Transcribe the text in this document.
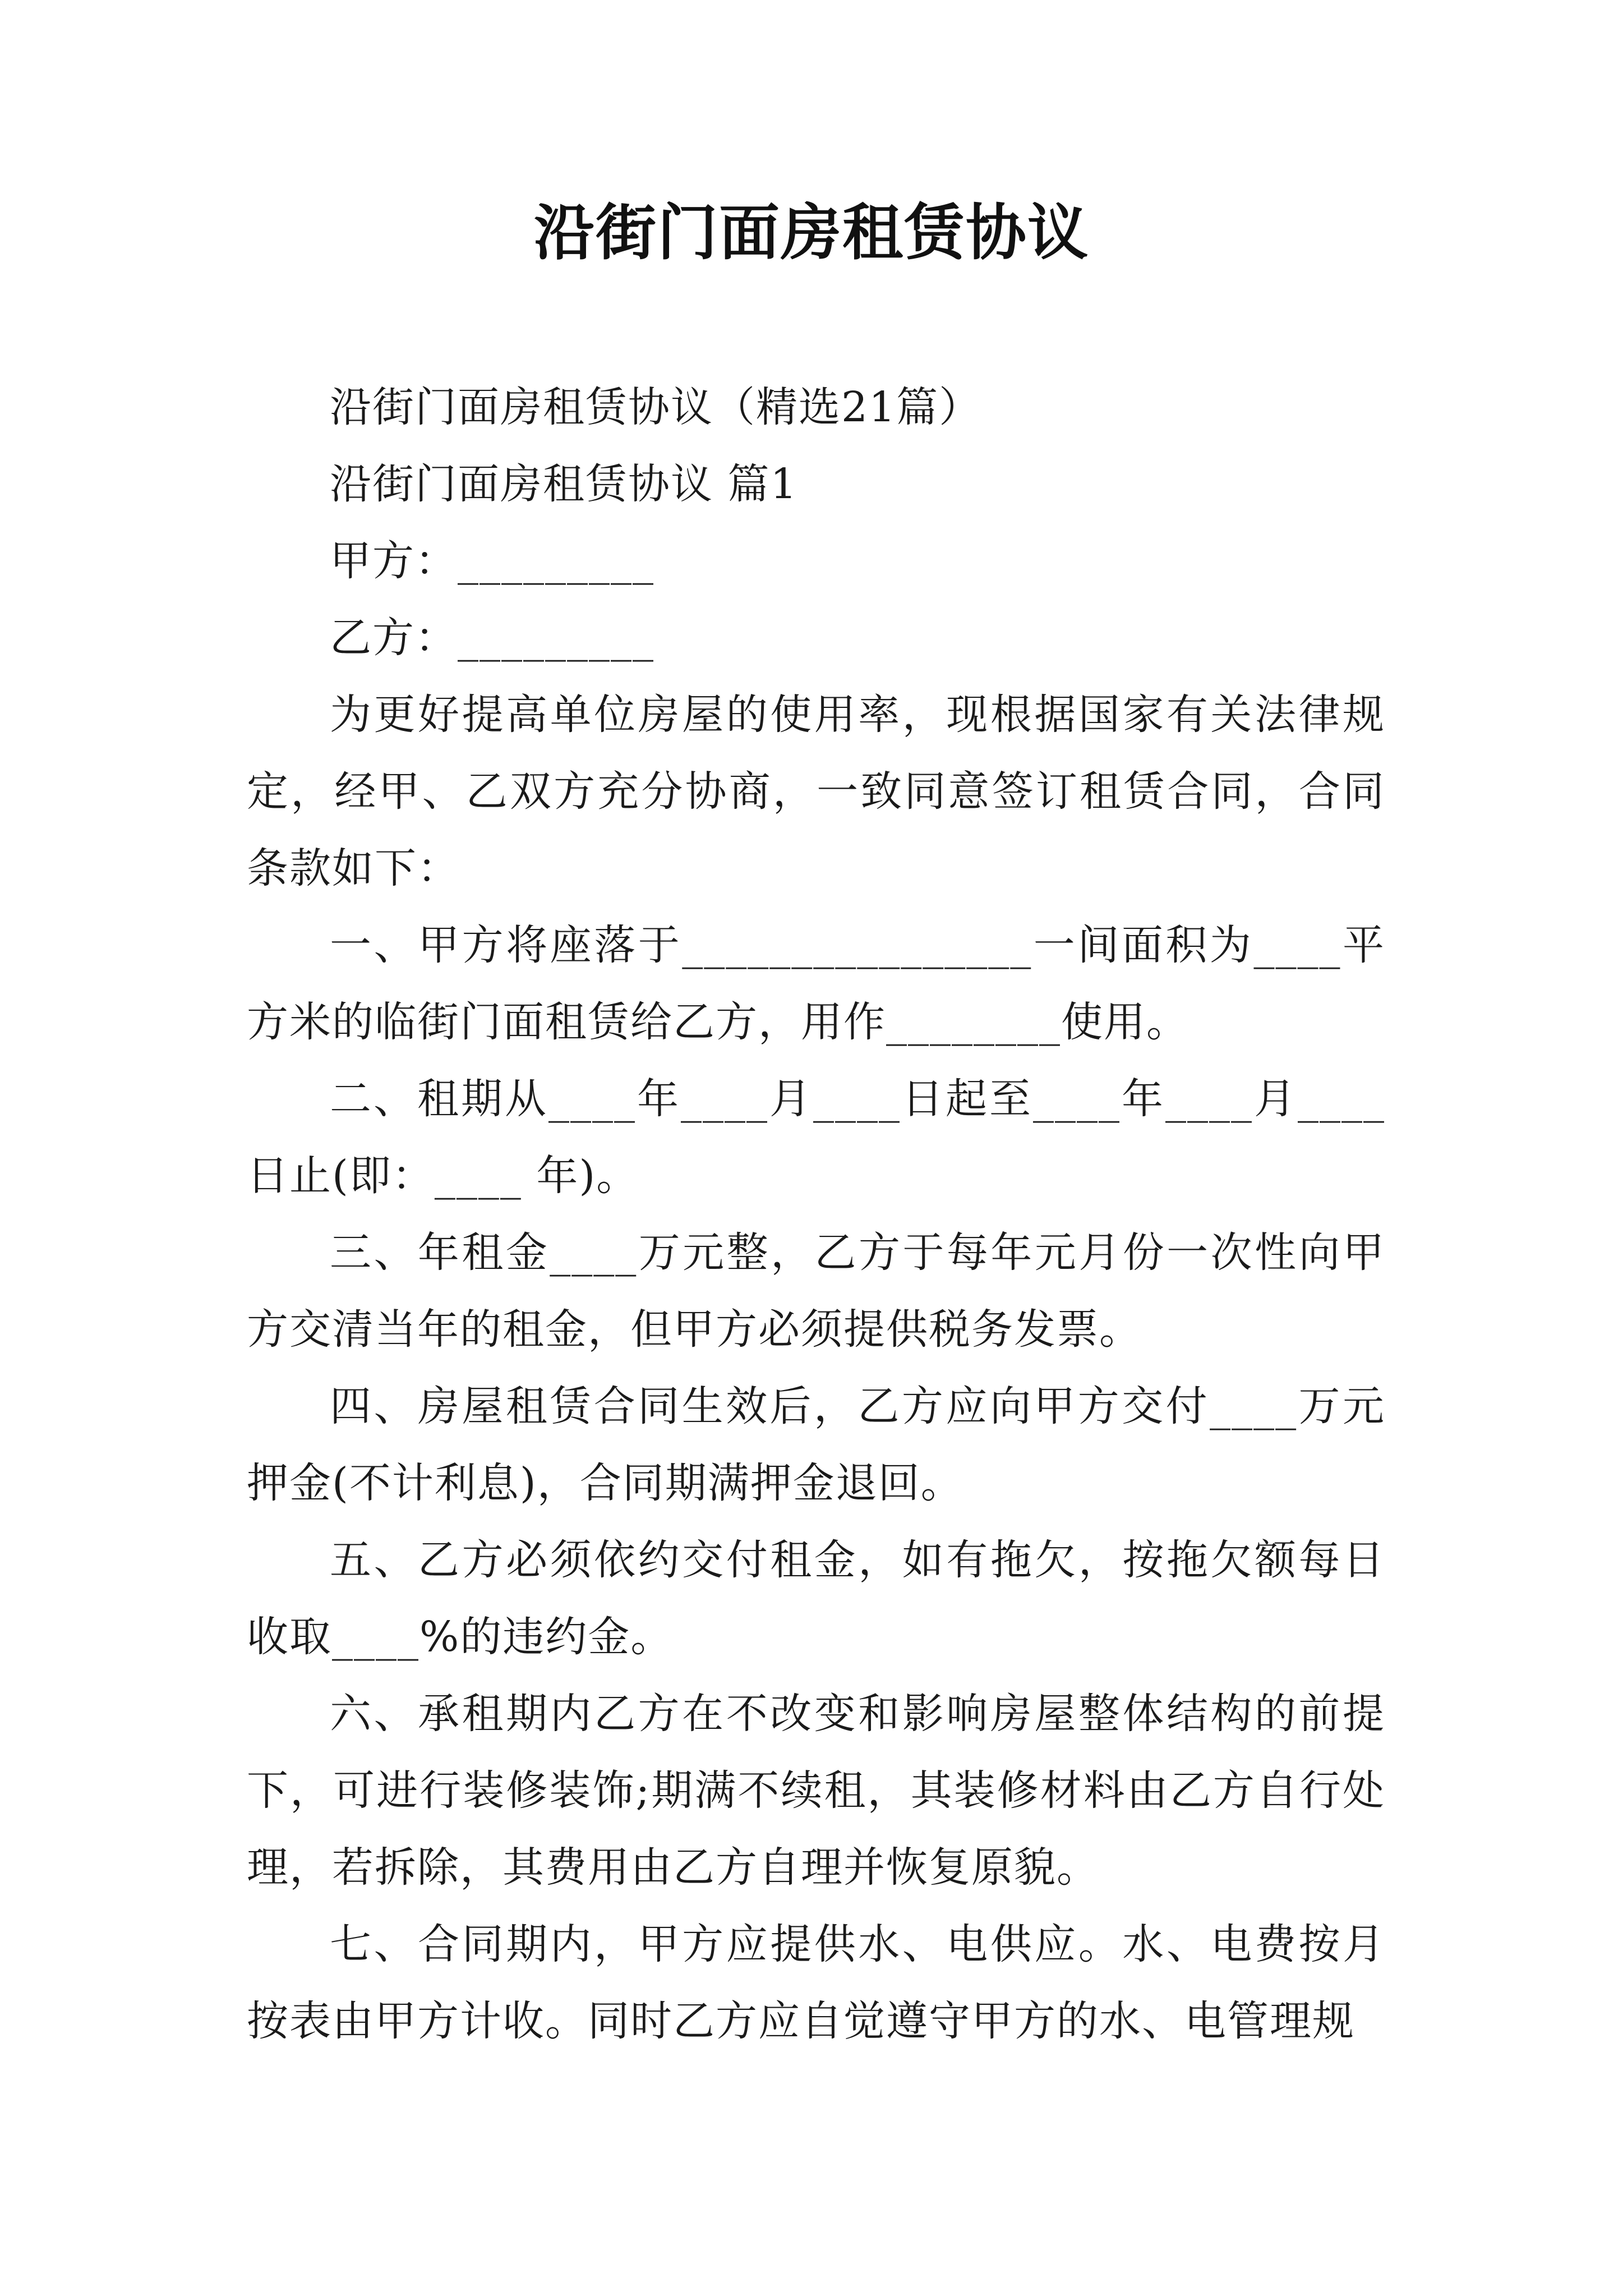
沿街门面房租赁协议

沿街门面房租赁协议（精选21篇）

沿街门面房租赁协议 篇1

甲方：_________

乙方：_________

为更好提高单位房屋的使用率，现根据国家有关法律规定，经甲、乙双方充分协商，一致同意签订租赁合同，合同条款如下：

一、甲方将座落于________________一间面积为____平方米的临街门面租赁给乙方，用作________使用。

二、租期从____年____月____日起至____年____月____日止(即：____ 年)。

三、年租金____万元整，乙方于每年元月份一次性向甲方交清当年的租金，但甲方必须提供税务发票。

四、房屋租赁合同生效后，乙方应向甲方交付____万元押金(不计利息)，合同期满押金退回。

五、乙方必须依约交付租金，如有拖欠，按拖欠额每日收取____%的违约金。

六、承租期内乙方在不改变和影响房屋整体结构的前提下，可进行装修装饰;期满不续租，其装修材料由乙方自行处理，若拆除，其费用由乙方自理并恢复原貌。

七、合同期内，甲方应提供水、电供应。水、电费按月按表由甲方计收。同时乙方应自觉遵守甲方的水、电管理规
